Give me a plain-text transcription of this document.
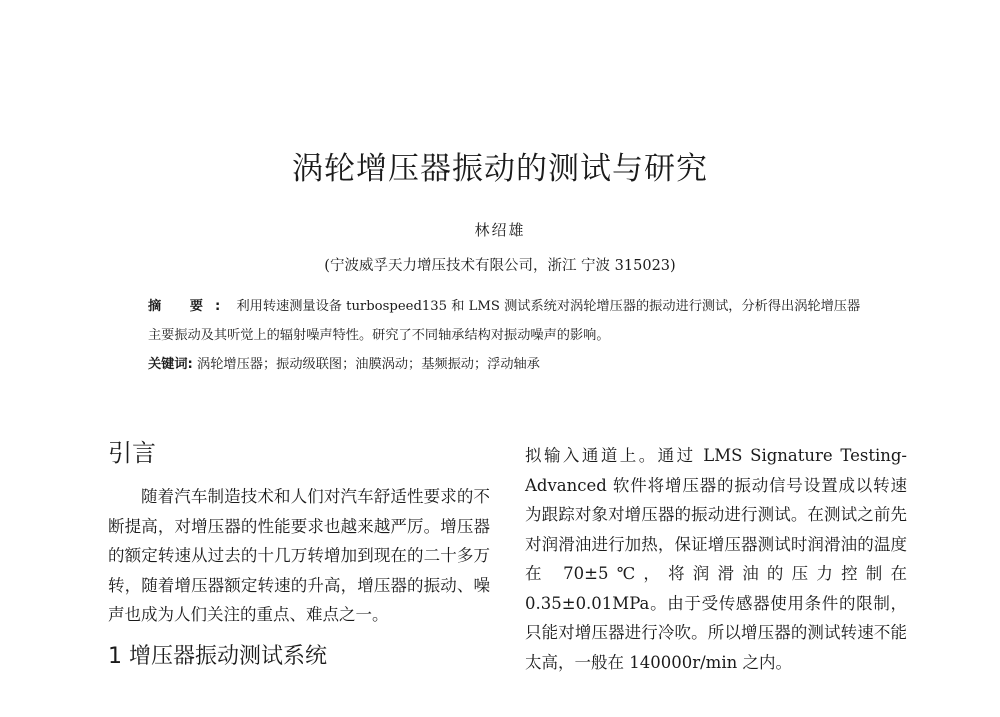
涡轮增压器振动的测试与研究
林绍雄
(宁波威孚天力增压技术有限公司，浙江 宁波 315023)

摘 要: 利用转速测量设备 turbospeed135 和 LMS 测试系统对涡轮增压器的振动进行测试，分析得出涡轮增压器主要振动及其听觉上的辐射噪声特性。研究了不同轴承结构对振动噪声的影响。

关键词: 涡轮增压器；振动级联图；油膜涡动；基频振动；浮动轴承

引言

随着汽车制造技术和人们对汽车舒适性要求的不断提高，对增压器的性能要求也越来越严厉。增压器的额定转速从过去的十几万转增加到现在的二十多万转，随着增压器额定转速的升高，增压器的振动、噪声也成为人们关注的重点、难点之一。

1 增压器振动测试系统

拟输入通道上。通过 LMS Signature Testing-Advanced 软件将增压器的振动信号设置成以转速为跟踪对象对增压器的振动进行测试。在测试之前先对润滑油进行加热，保证增压器测试时润滑油的温度在 70±5℃，将润滑油的压力控制在 0.35±0.01MPa。由于受传感器使用条件的限制，只能对增压器进行冷吹。所以增压器的测试转速不能太高，一般在 140000r/min 之内。
